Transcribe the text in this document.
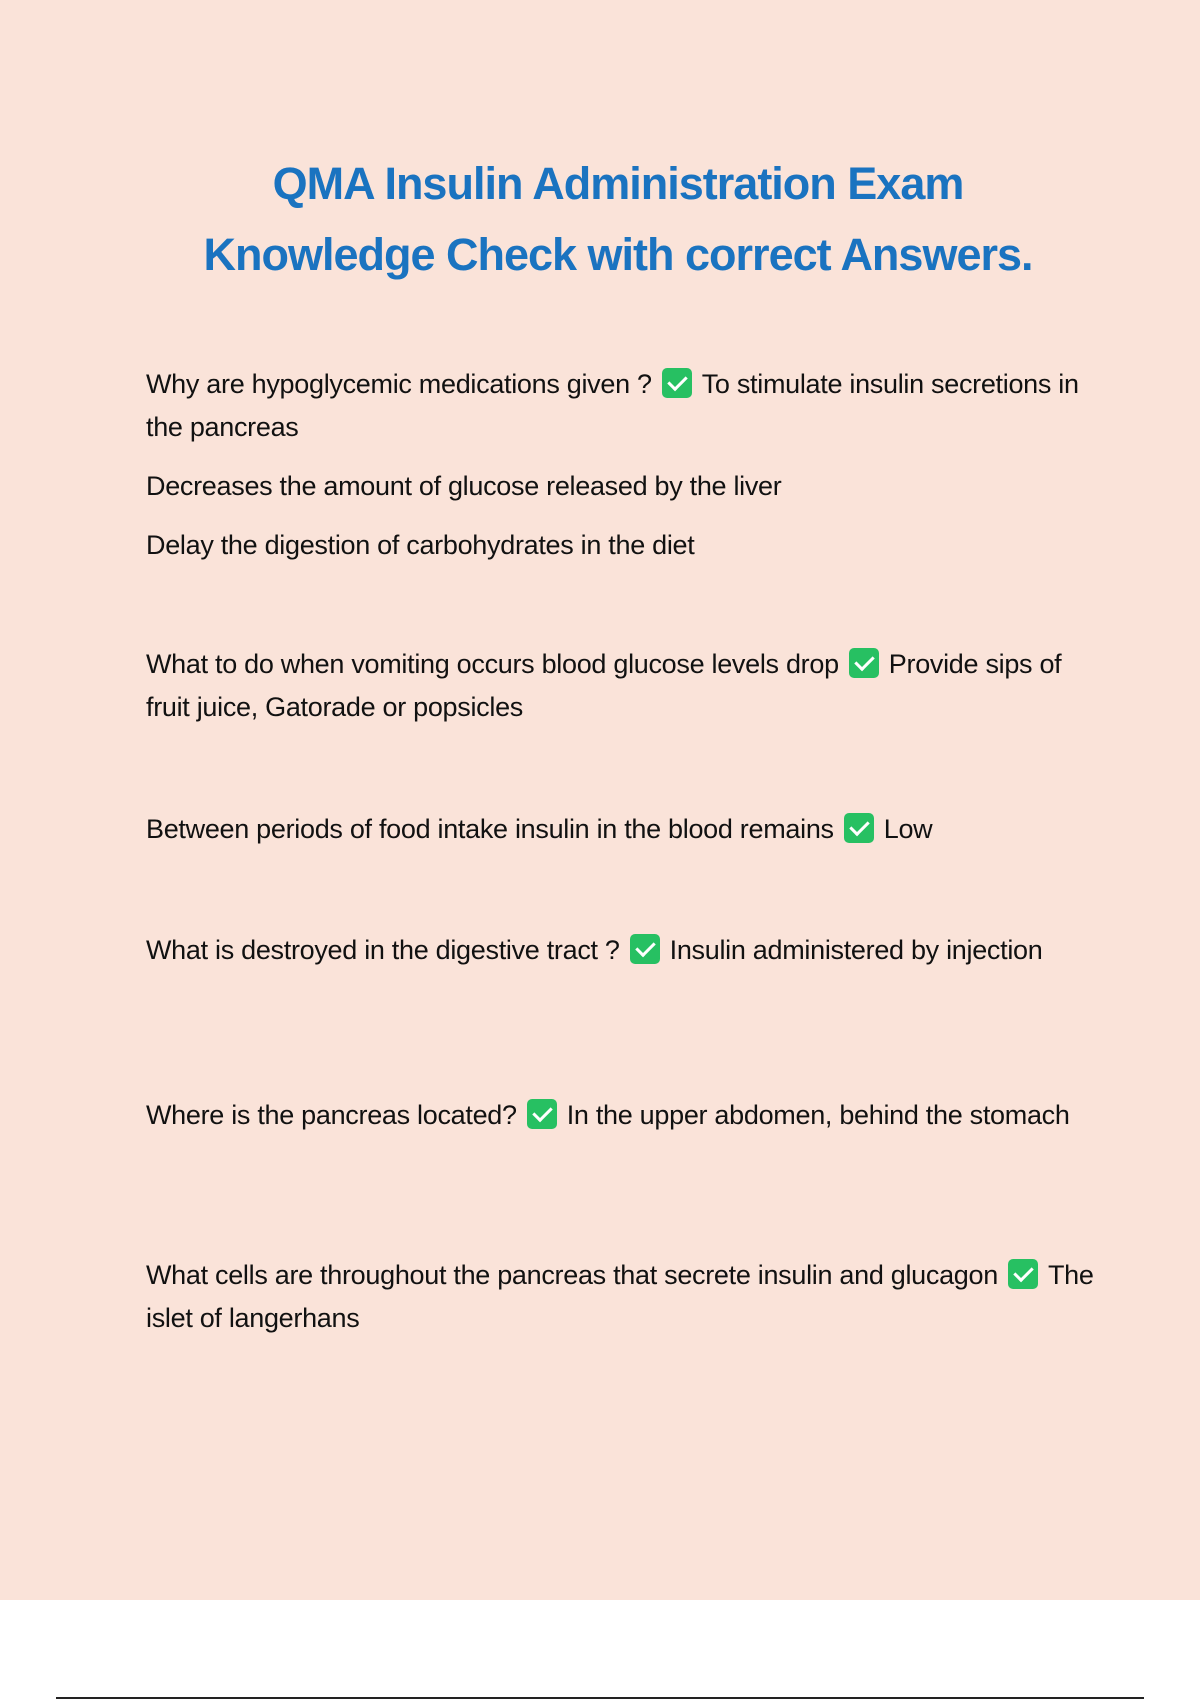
QMA Insulin Administration Exam
Knowledge Check with correct Answers.

Why are hypoglycemic medications given ? To stimulate insulin secretions in the pancreas

Decreases the amount of glucose released by the liver

Delay the digestion of carbohydrates in the diet

What to do when vomiting occurs blood glucose levels drop Provide sips of fruit juice, Gatorade or popsicles

Between periods of food intake insulin in the blood remains Low

What is destroyed in the digestive tract ? Insulin administered by injection

Where is the pancreas located? In the upper abdomen, behind the stomach

What cells are throughout the pancreas that secrete insulin and glucagon The islet of langerhans
